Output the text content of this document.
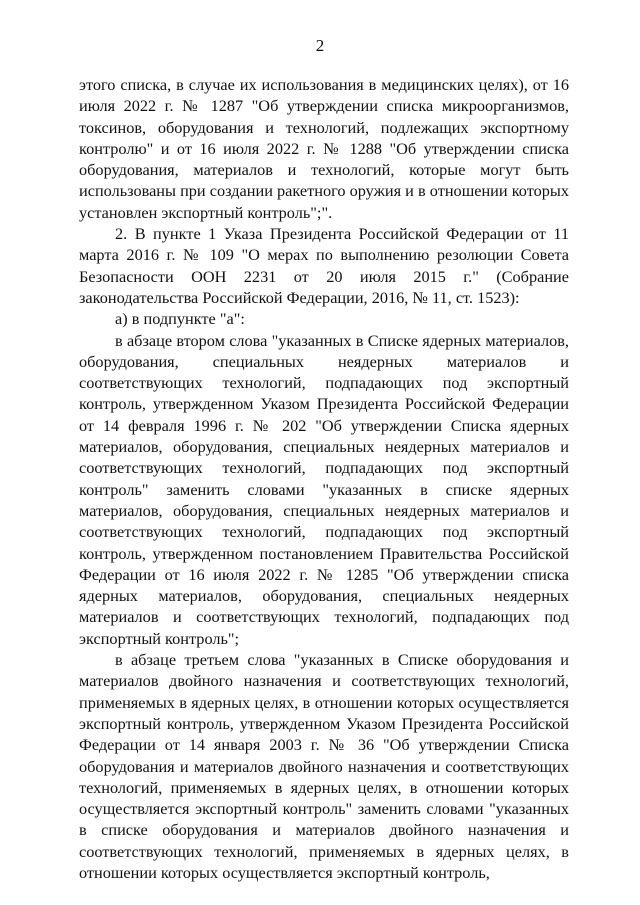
2

этого списка, в случае их использования в медицинских целях), от 16 июля 2022 г. № 1287 "Об утверждении списка микроорганизмов, токсинов, оборудования и технологий, подлежащих экспортному контролю" и от 16 июля 2022 г. № 1288 "Об утверждении списка оборудования, материалов и технологий, которые могут быть использованы при создании ракетного оружия и в отношении которых установлен экспортный контроль";".

2. В пункте 1 Указа Президента Российской Федерации от 11 марта 2016 г. № 109 "О мерах по выполнению резолюции Совета Безопасности ООН 2231 от 20 июля 2015 г." (Собрание законодательства Российской Федерации, 2016, № 11, ст. 1523):

а) в подпункте "а":

в абзаце втором слова "указанных в Списке ядерных материалов, оборудования, специальных неядерных материалов и соответствующих технологий, подпадающих под экспортный контроль, утвержденном Указом Президента Российской Федерации от 14 февраля 1996 г. № 202 "Об утверждении Списка ядерных материалов, оборудования, специальных неядерных материалов и соответствующих технологий, подпадающих под экспортный контроль" заменить словами "указанных в списке ядерных материалов, оборудования, специальных неядерных материалов и соответствующих технологий, подпадающих под экспортный контроль, утвержденном постановлением Правительства Российской Федерации от 16 июля 2022 г. № 1285 "Об утверждении списка ядерных материалов, оборудования, специальных неядерных материалов и соответствующих технологий, подпадающих под экспортный контроль";

в абзаце третьем слова "указанных в Списке оборудования и материалов двойного назначения и соответствующих технологий, применяемых в ядерных целях, в отношении которых осуществляется экспортный контроль, утвержденном Указом Президента Российской Федерации от 14 января 2003 г. № 36 "Об утверждении Списка оборудования и материалов двойного назначения и соответствующих технологий, применяемых в ядерных целях, в отношении которых осуществляется экспортный контроль" заменить словами "указанных в списке оборудования и материалов двойного назначения и соответствующих технологий, применяемых в ядерных целях, в отношении которых осуществляется экспортный контроль,
